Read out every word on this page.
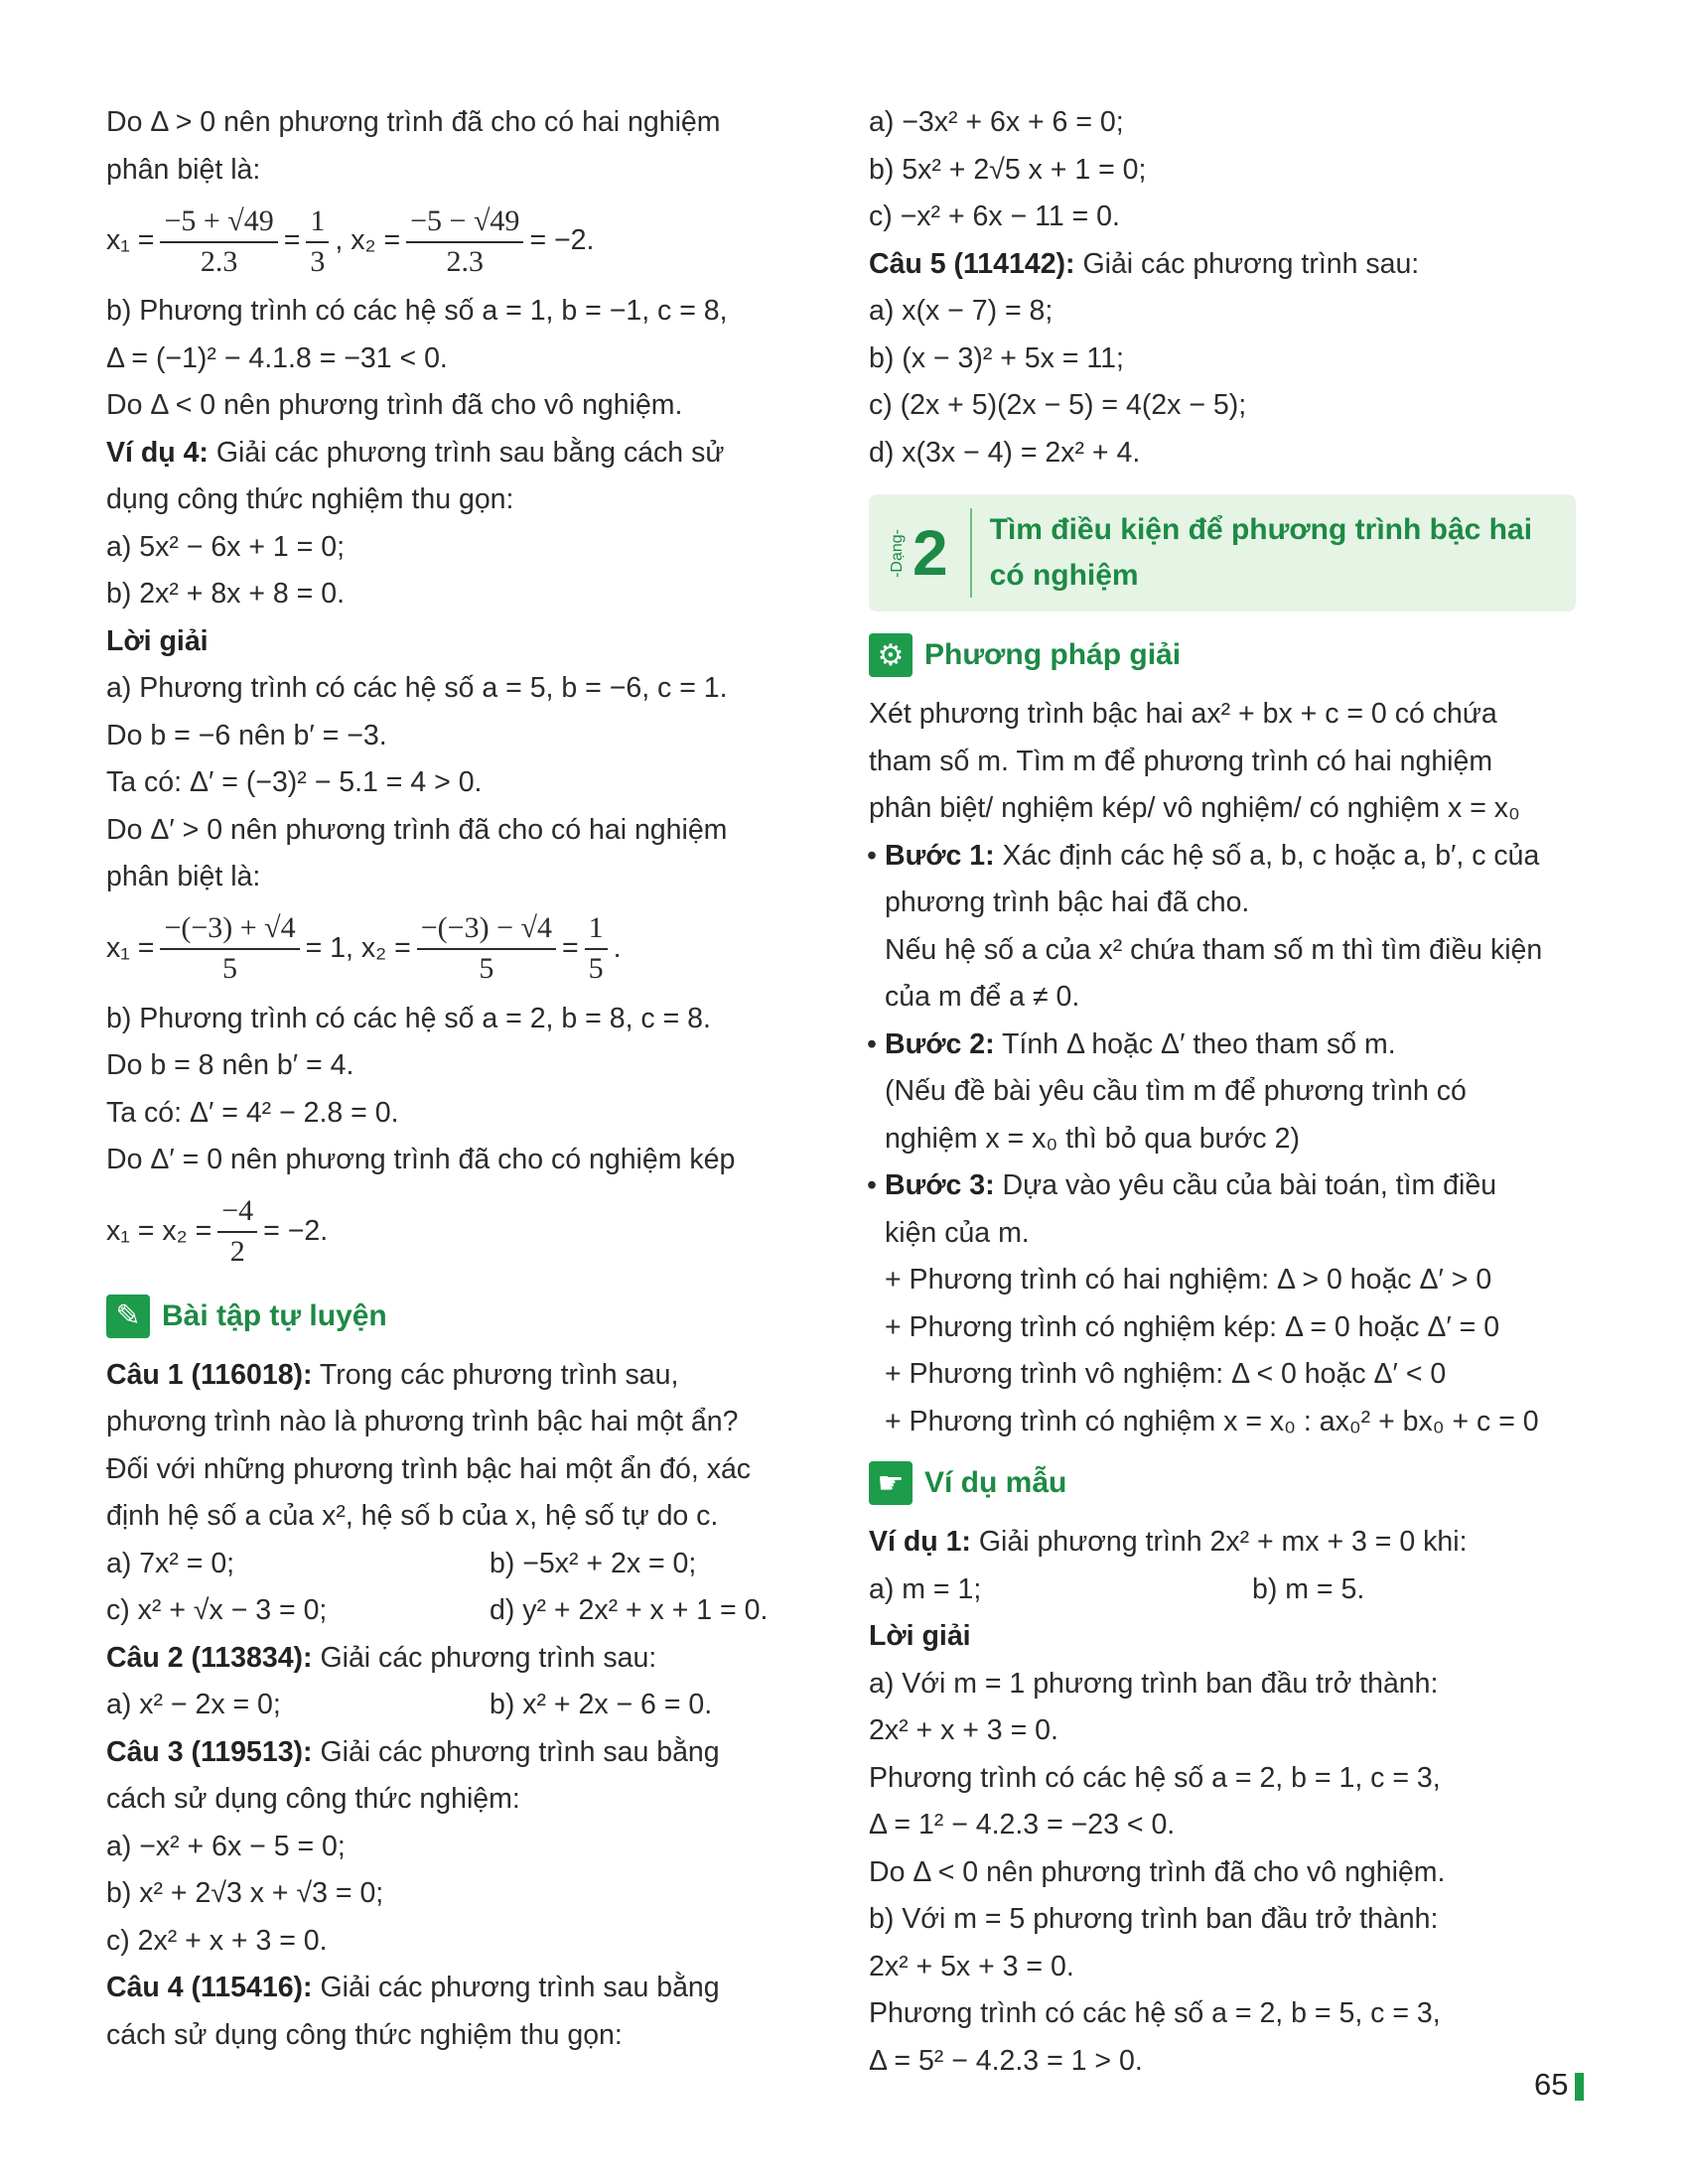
Do Δ > 0 nên phương trình đã cho có hai nghiệm
phân biệt là:
$x_1 = \frac{-5 + √49}{2.3} = \frac{1}{3}$ , $x_2 = \frac{-5 - √49}{2.3} = -2$.
b) Phương trình có các hệ số a = 1, b = −1, c = 8,
Δ = (−1)² − 4.1.8 = −31 < 0.
Do Δ < 0 nên phương trình đã cho vô nghiệm.
Ví dụ 4: Giải các phương trình sau bằng cách sử
dụng công thức nghiệm thu gọn:
a) 5x² − 6x + 1 = 0;
b) 2x² + 8x + 8 = 0.
Lời giải
a) Phương trình có các hệ số a = 5, b = −6, c = 1.
Do b = −6 nên b′ = −3.
Ta có: Δ′ = (−3)² − 5.1 = 4 > 0.
Do Δ′ > 0 nên phương trình đã cho có hai nghiệm
phân biệt là:
$x_1 = \frac{-(-3) + √4}{5} = 1$, $x_2 = \frac{-(-3) - √4}{5} = \frac{1}{5}$ .
b) Phương trình có các hệ số a = 2, b = 8, c = 8.
Do b = 8 nên b′ = 4.
Ta có: Δ′ = 4² − 2.8 = 0.
Do Δ′ = 0 nên phương trình đã cho có nghiệm kép
$x_1 = x_2 = \frac{-4}{2} = -2$.
✎ Bài tập tự luyện
Câu 1 (116018): Trong các phương trình sau,
phương trình nào là phương trình bậc hai một ẩn?
Đối với những phương trình bậc hai một ẩn đó, xác
định hệ số a của x², hệ số b của x, hệ số tự do c.
a) 7x² = 0;	b) −5x² + 2x = 0;
c) x² + √x − 3 = 0;	d) y² + 2x² + x + 1 = 0.
Câu 2 (113834): Giải các phương trình sau:
a) x² − 2x = 0;	b) x² + 2x − 6 = 0.
Câu 3 (119513): Giải các phương trình sau bằng
cách sử dụng công thức nghiệm:
a) −x² + 6x − 5 = 0;
b) x² + 2√3 x + √3 = 0;
c) 2x² + x + 3 = 0.
Câu 4 (115416): Giải các phương trình sau bằng
cách sử dụng công thức nghiệm thu gọn:
a) −3x² + 6x + 6 = 0;
b) 5x² + 2√5 x + 1 = 0;
c) −x² + 6x − 11 = 0.
Câu 5 (114142): Giải các phương trình sau:
a) x(x − 7) = 8;
b) (x − 3)² + 5x = 11;
c) (2x + 5)(2x − 5) = 4(2x − 5);
d) x(3x − 4) = 2x² + 4.
-Dạng- 2 Tìm điều kiện để phương trình bậc hai
có nghiệm
⚙ Phương pháp giải
Xét phương trình bậc hai ax² + bx + c = 0 có chứa
tham số m. Tìm m để phương trình có hai nghiệm
phân biệt/ nghiệm kép/ vô nghiệm/ có nghiệm x = x₀
• Bước 1: Xác định các hệ số a, b, c hoặc a, b′, c của
phương trình bậc hai đã cho.
Nếu hệ số a của x² chứa tham số m thì tìm điều kiện
của m để a ≠ 0.
• Bước 2: Tính Δ hoặc Δ′ theo tham số m.
(Nếu đề bài yêu cầu tìm m để phương trình có
nghiệm x = x₀ thì bỏ qua bước 2)
• Bước 3: Dựa vào yêu cầu của bài toán, tìm điều
kiện của m.
+ Phương trình có hai nghiệm: Δ > 0 hoặc Δ′ > 0
+ Phương trình có nghiệm kép: Δ = 0 hoặc Δ′ = 0
+ Phương trình vô nghiệm: Δ < 0 hoặc Δ′ < 0
+ Phương trình có nghiệm x = x₀ : ax₀² + bx₀ + c = 0
☛ Ví dụ mẫu
Ví dụ 1: Giải phương trình 2x² + mx + 3 = 0 khi:
a) m = 1;	b) m = 5.
Lời giải
a) Với m = 1 phương trình ban đầu trở thành:
2x² + x + 3 = 0.
Phương trình có các hệ số a = 2, b = 1, c = 3,
Δ = 1² − 4.2.3 = −23 < 0.
Do Δ < 0 nên phương trình đã cho vô nghiệm.
b) Với m = 5 phương trình ban đầu trở thành:
2x² + 5x + 3 = 0.
Phương trình có các hệ số a = 2, b = 5, c = 3,
Δ = 5² − 4.2.3 = 1 > 0.
65
